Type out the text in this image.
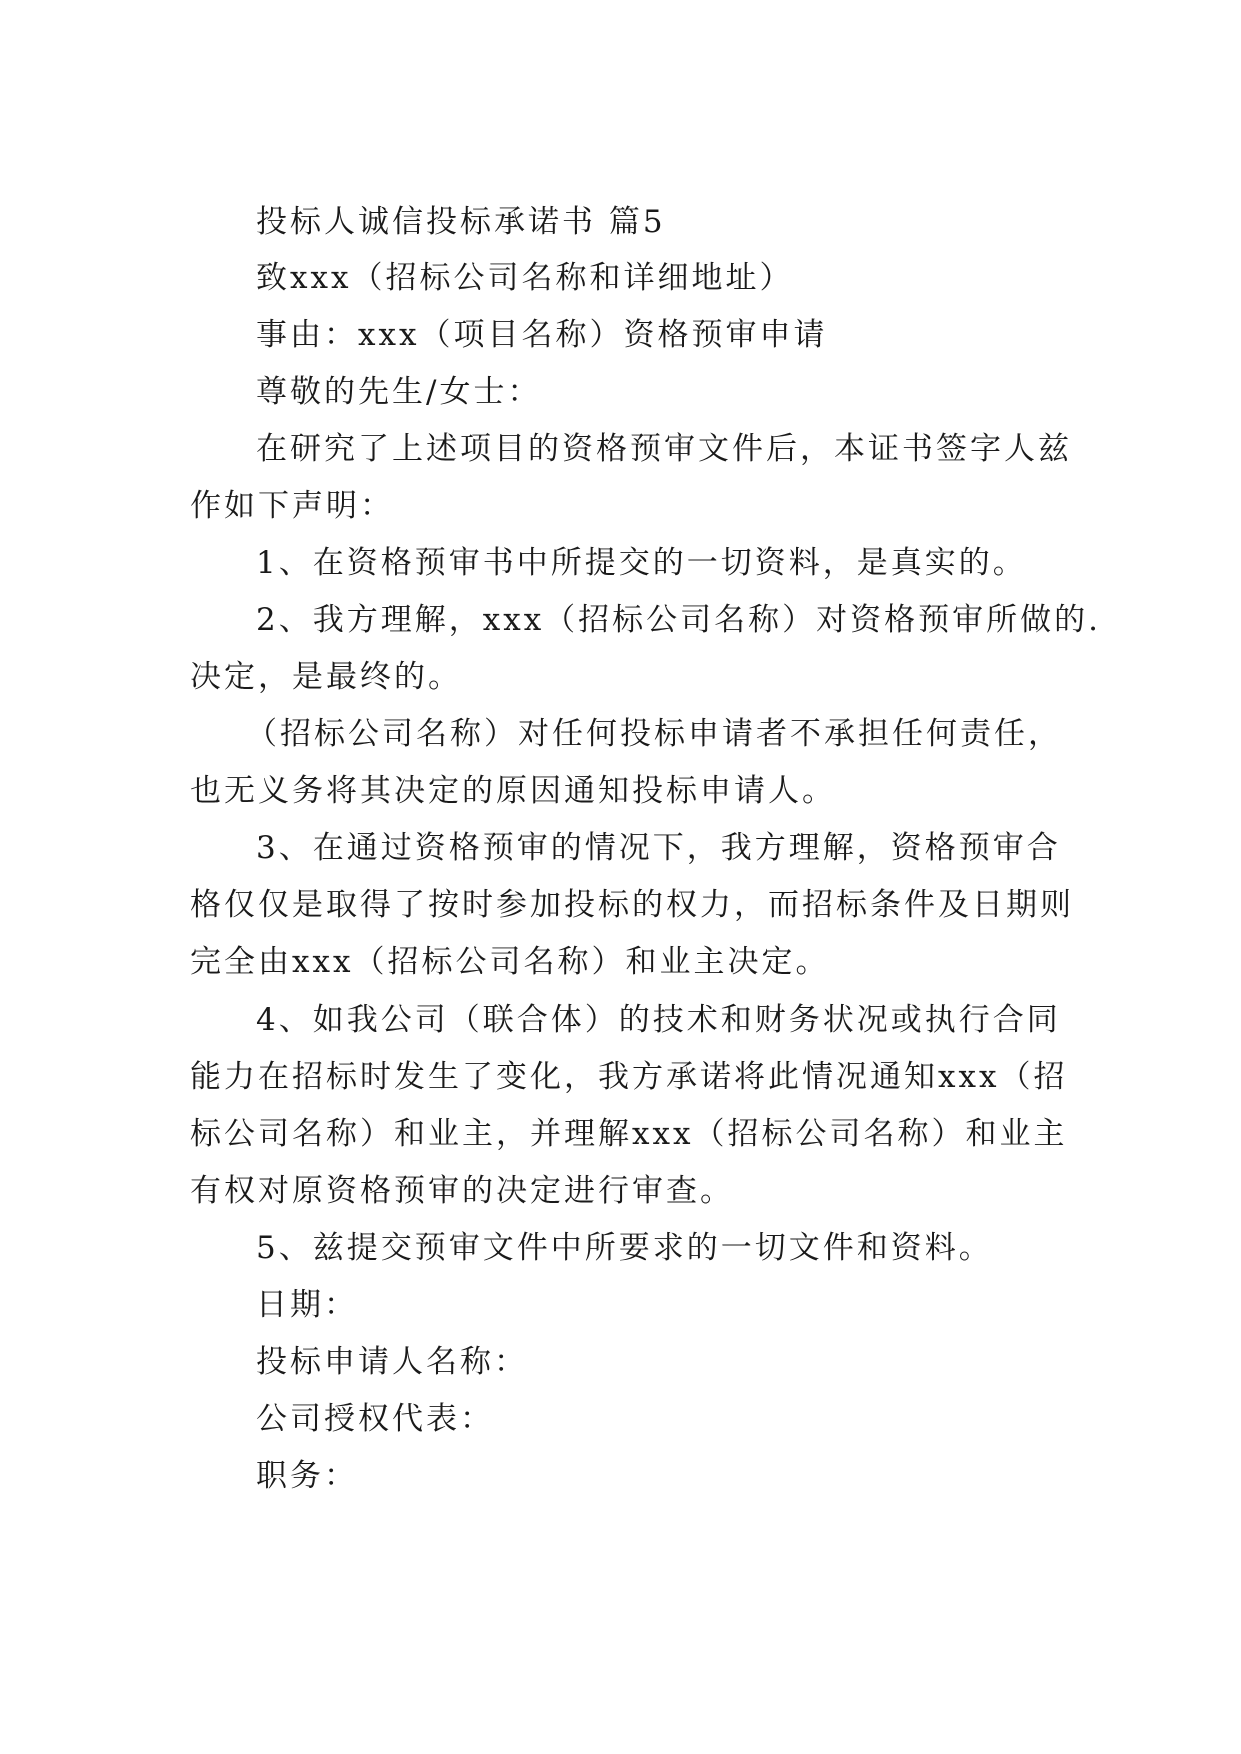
投标人诚信投标承诺书 篇5
致xxx（招标公司名称和详细地址）
事由：xxx（项目名称）资格预审申请
尊敬的先生/女士：
在研究了上述项目的资格预审文件后，本证书签字人兹
作如下声明：
1、在资格预审书中所提交的一切资料，是真实的。
2、我方理解，xxx（招标公司名称）对资格预审所做的.
决定，是最终的。
（招标公司名称）对任何投标申请者不承担任何责任，
也无义务将其决定的原因通知投标申请人。
3、在通过资格预审的情况下，我方理解，资格预审合
格仅仅是取得了按时参加投标的权力，而招标条件及日期则
完全由xxx（招标公司名称）和业主决定。
4、如我公司（联合体）的技术和财务状况或执行合同
能力在招标时发生了变化，我方承诺将此情况通知xxx（招
标公司名称）和业主，并理解xxx（招标公司名称）和业主
有权对原资格预审的决定进行审查。
5、兹提交预审文件中所要求的一切文件和资料。
日期：
投标申请人名称：
公司授权代表：
职务：
